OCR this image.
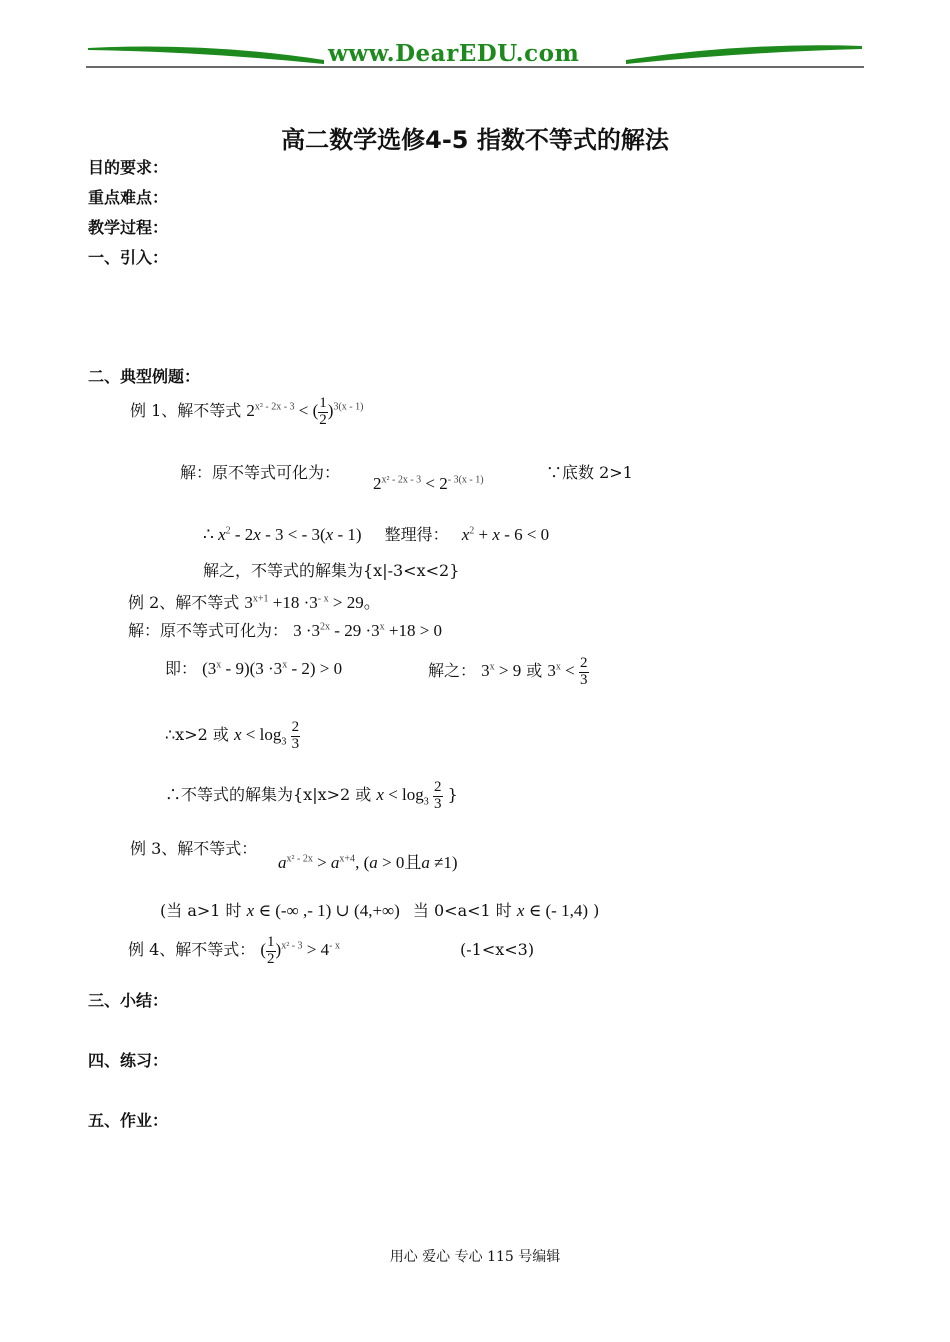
www.DearEDU.com
高二数学选修4-5 指数不等式的解法
目的要求：
重点难点：
教学过程：
一、引入：
二、典型例题：
例 1、解不等式 $2^{x^2 - 2x - 3}$ < ( $\frac{1}{2} )^{3(x - 1)}$
解：原不等式可化为：
$2^{x^2 - 2x - 3} < 2^{- 3(x - 1)}$	∵底数 2>1
∴ $x^2 - 2x - 3$ < - 3(x - 1) 整理得： $x^2 + x - 6 < 0$
解之，不等式的解集为{x|-3<x<2}
例 2、解不等式 $3^{x+1} +18 \cdot 3^{- x} > 29$。
解：原不等式可化为： $3 \cdot 3^{2x} - 29 \cdot 3^x +18 > 0$
即： $(3^x - 9)(3 \cdot 3^x - 2) > 0$	解之： $3^x > 9$ 或 $3^x < \frac{2}{3}$
∴x>2 或 $x < \log_3 \frac{2}{3}$
∴不等式的解集为{x|x>2 或 $x < \log_3 \frac{2}{3}$ }
例 3、解不等式：
$a^{x^2 - 2x} > a^{x+4}$, (a > 0且a ≠1)
(当 a>1 时 x ∈ (-∞ ,- 1) ∪ (4,+∞) 当 0<a<1 时 x ∈ (- 1,4) )
例 4、解不等式： ( $\frac{1}{2} )^{x^2 - 3} > 4^{- x}$	(-1<x<3)
三、小结：
四、练习：
五、作业：
用心 爱心 专心 115 号编辑
